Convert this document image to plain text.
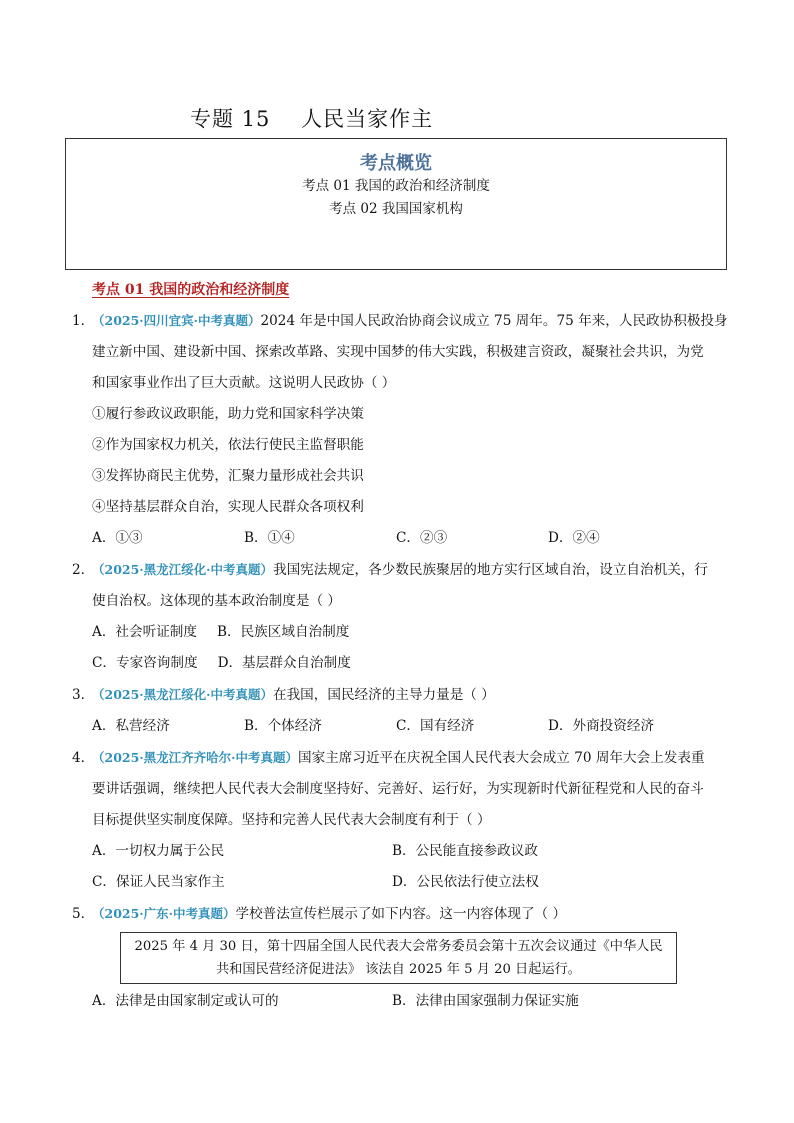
专题 15    人民当家作主
考点概览
考点 01 我国的政治和经济制度
考点 02 我国国家机构
考点 01 我国的政治和经济制度
1．（2025·四川宜宾·中考真题）2024 年是中国人民政治协商会议成立 75 周年。75 年来，人民政协积极投身
建立新中国、建设新中国、探索改革路、实现中国梦的伟大实践，积极建言资政，凝聚社会共识，为党
和国家事业作出了巨大贡献。这说明人民政协（ ）
①履行参政议政职能，助力党和国家科学决策
②作为国家权力机关，依法行使民主监督职能
③发挥协商民主优势，汇聚力量形成社会共识
④坚持基层群众自治，实现人民群众各项权利
A．①③	B．①④	C．②③	D．②④
2．（2025·黑龙江绥化·中考真题）我国宪法规定，各少数民族聚居的地方实行区域自治，设立自治机关，行
使自治权。这体现的基本政治制度是（ ）
A．社会听证制度	B．民族区域自治制度
C．专家咨询制度	D．基层群众自治制度
3．（2025·黑龙江绥化·中考真题）在我国，国民经济的主导力量是（ ）
A．私营经济	B．个体经济	C．国有经济	D．外商投资经济
4．（2025·黑龙江齐齐哈尔·中考真题）国家主席习近平在庆祝全国人民代表大会成立 70 周年大会上发表重
要讲话强调，继续把人民代表大会制度坚持好、完善好、运行好，为实现新时代新征程党和人民的奋斗
目标提供坚实制度保障。坚持和完善人民代表大会制度有利于（ ）
A．一切权力属于公民	B．公民能直接参政议政
C．保证人民当家作主	D．公民依法行使立法权
5．（2025·广东·中考真题）学校普法宣传栏展示了如下内容。这一内容体现了（ ）
2025 年 4 月 30 日，第十四届全国人民代表大会常务委员会第十五次会议通过《中华人民
共和国民营经济促进法》 该法自 2025 年 5 月 20 日起运行。
A．法律是由国家制定或认可的	B．法律由国家强制力保证实施
